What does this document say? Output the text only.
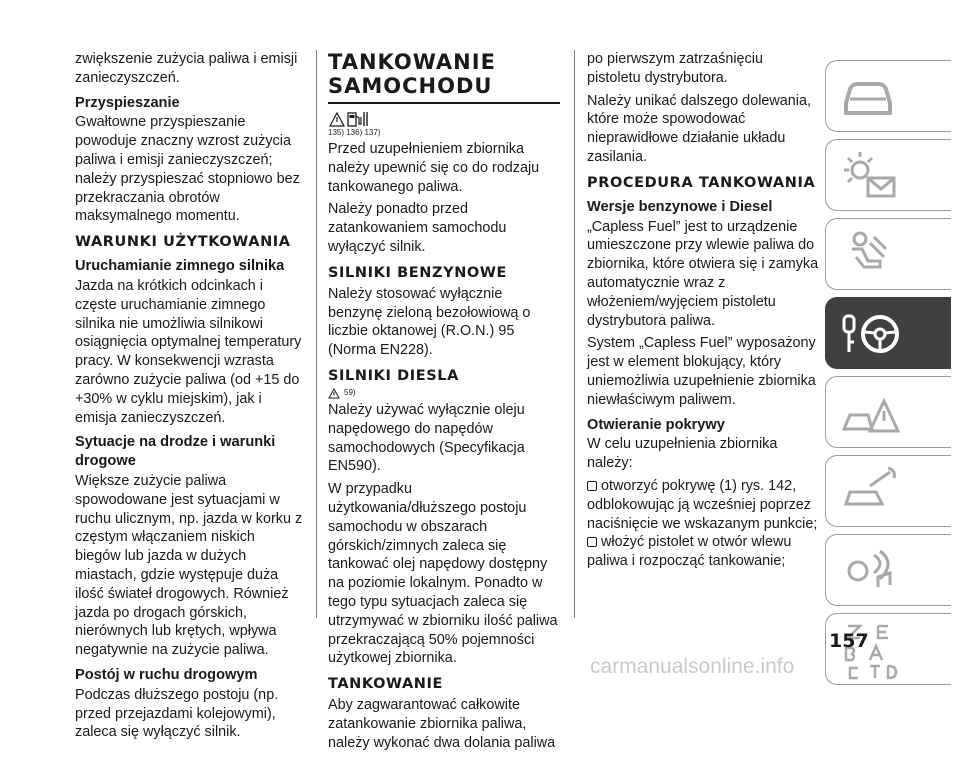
zwiększenie zużycia paliwa i emisji zanieczyszczeń.

Przyspieszanie

Gwałtowne przyspieszanie powoduje znaczny wzrost zużycia paliwa i emisji zanieczyszczeń; należy przyspieszać stopniowo bez przekraczania obrotów maksymalnego momentu.

WARUNKI UŻYTKOWANIA
Uruchamianie zimnego silnika

Jazda na krótkich odcinkach i częste uruchamianie zimnego silnika nie umożliwia silnikowi osiągnięcia optymalnej temperatury pracy. W konsekwencji wzrasta zarówno zużycie paliwa (od +15 do +30% w cyklu miejskim), jak i emisja zanieczyszczeń.

Sytuacje na drodze i warunki drogowe

Większe zużycie paliwa spowodowane jest sytuacjami w ruchu ulicznym, np. jazda w korku z częstym włączaniem niskich biegów lub jazda w dużych miastach, gdzie występuje duża ilość świateł drogowych. Również jazda po drogach górskich, nierównych lub krętych, wpływa negatywnie na zużycie paliwa.

Postój w ruchu drogowym

Podczas dłuższego postoju (np. przed przejazdami kolejowymi), zaleca się wyłączyć silnik.

TANKOWANIE SAMOCHODU
135) 136) 137)

Przed uzupełnieniem zbiornika należy upewnić się co do rodzaju tankowanego paliwa.

Należy ponadto przed zatankowaniem samochodu wyłączyć silnik.

SILNIKI BENZYNOWE

Należy stosować wyłącznie benzynę zieloną bezołowiową o liczbie oktanowej (R.O.N.) 95 (Norma EN228).

SILNIKI DIESLA
59)

Należy używać wyłącznie oleju napędowego do napędów samochodowych (Specyfikacja EN590).

W przypadku użytkowania/dłuższego postoju samochodu w obszarach górskich/zimnych zaleca się tankować olej napędowy dostępny na poziomie lokalnym. Ponadto w tego typu sytuacjach zaleca się utrzymywać w zbiorniku ilość paliwa przekraczającą 50% pojemności użytkowej zbiornika.

TANKOWANIE

Aby zagwarantować całkowite zatankowanie zbiornika paliwa, należy wykonać dwa dolania paliwa

po pierwszym zatrzaśnięciu pistoletu dystrybutora.

Należy unikać dalszego dolewania, które może spowodować nieprawidłowe działanie układu zasilania.

PROCEDURA TANKOWANIA
Wersje benzynowe i Diesel

„Capless Fuel” jest to urządzenie umieszczone przy wlewie paliwa do zbiornika, które otwiera się i zamyka automatycznie wraz z włożeniem/wyjęciem pistoletu dystrybutora paliwa.

System „Capless Fuel” wyposażony jest w element blokujący, który uniemożliwia uzupełnienie zbiornika niewłaściwym paliwem.

Otwieranie pokrywy

W celu uzupełnienia zbiornika należy:

otworzyć pokrywę (1) rys. 142, odblokowując ją wcześniej poprzez naciśnięcie we wskazanym punkcie;

włożyć pistolet w otwór wlewu paliwa i rozpocząć tankowanie;

157
carmanualsonline.info
